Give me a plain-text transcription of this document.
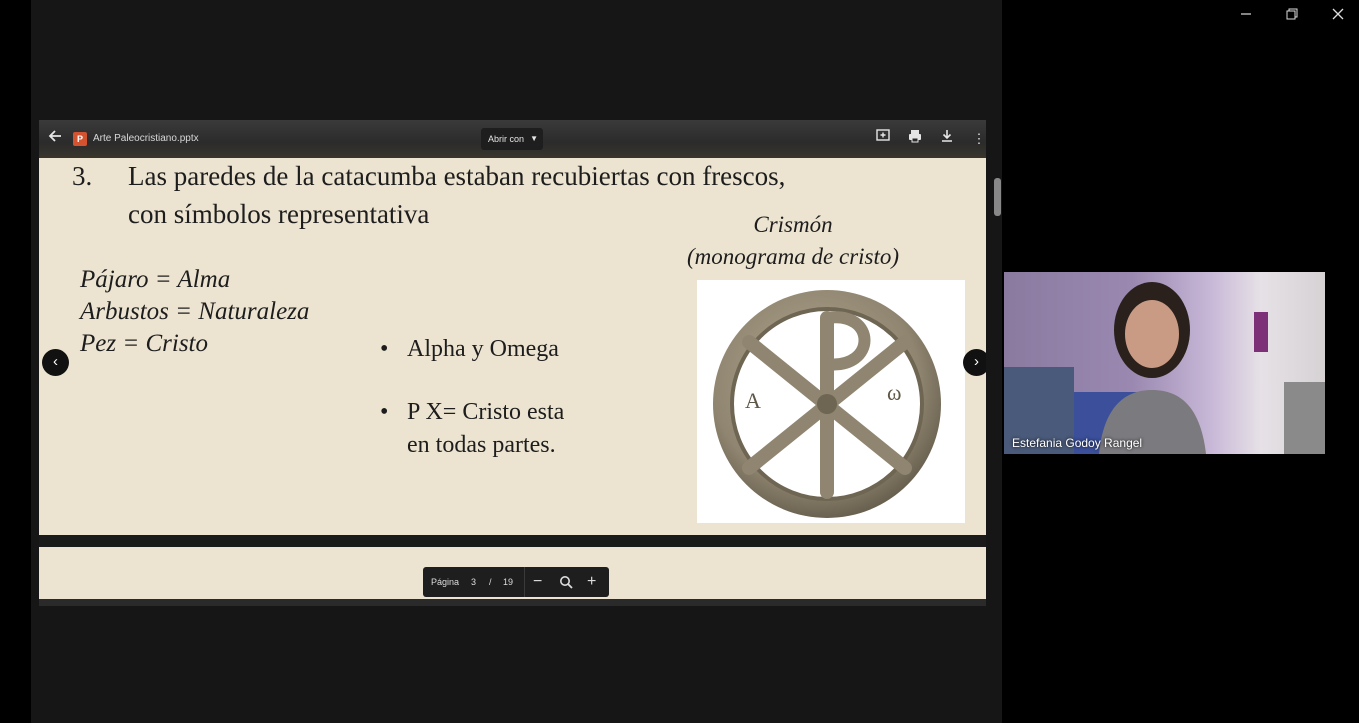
P	Arte Paleocristiano.pptx	Abrir con ▼	⋮
3. Las paredes de la catacumba estaban recubiertas con frescos,
con símbolos representativa	Crismón
(monograma de cristo)
Pájaro = Alma
Arbustos = Naturaleza
Pez = Cristo	• Alpha y Omega
• P X= Cristo esta
en todas partes.
A	ω
‹	›
Página 3 / 19 −	+
Estefania Godoy Rangel
